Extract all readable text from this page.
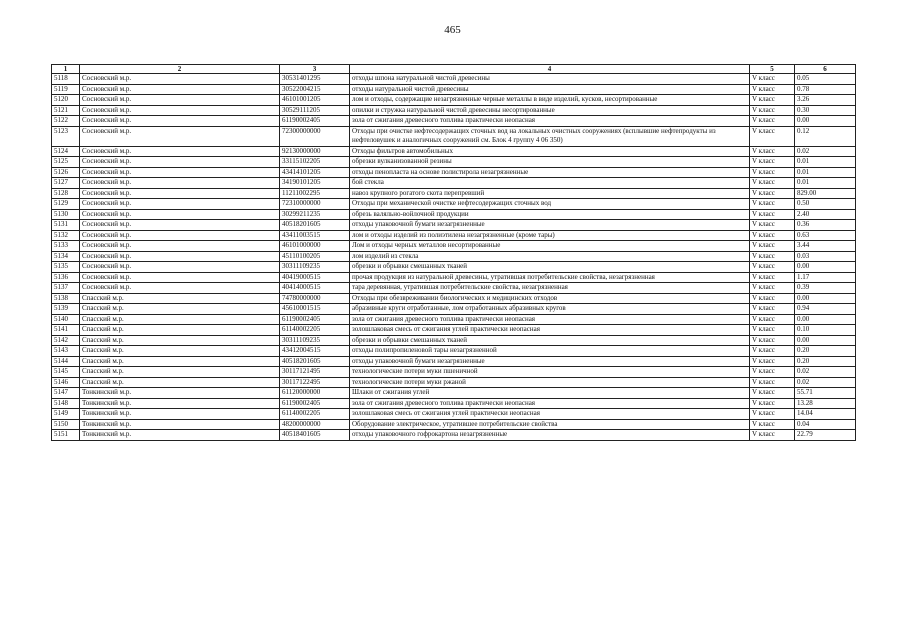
465
1	2	3	4	5	6
5118	Сосновский м.р.	30531401295	отходы шпона натуральной чистой древесины	V класс	0.05
5119	Сосновский м.р.	30522004215	отходы натуральной чистой древесины	V класс	0.78
5120	Сосновский м.р.	46101001205	лом и отходы, содержащие незагрязненные черные металлы в виде изделий, кусков, несортированные	V класс	3.26
5121	Сосновский м.р.	30529111205	опилки и стружка натуральной чистой древесины несортированные	V класс	0.30
5122	Сосновский м.р.	61190002405	зола от сжигания древесного топлива практически неопасная	V класс	0.00
5123	Сосновский м.р.	72300000000	Отходы при очистке нефтесодержащих сточных вод на локальных очистных сооружениях (всплывшие нефтепродукты из нефтеловушек и аналогичных сооружений см. Блок 4 группу 4 06 350)	V класс	0.12
5124	Сосновский м.р.	92130000000	Отходы фильтров автомобильных	V класс	0.02
5125	Сосновский м.р.	33115102205	обрезки вулканизованной резины	V класс	0.01
5126	Сосновский м.р.	43414101205	отходы пенопласта на основе полистирола незагрязненные	V класс	0.01
5127	Сосновский м.р.	34190101205	бой стекла	V класс	0.01
5128	Сосновский м.р.	11211002295	навоз крупного рогатого скота перепревший	V класс	829.00
5129	Сосновский м.р.	72310000000	Отходы при механической очистке нефтесодержащих сточных вод	V класс	0.50
5130	Сосновский м.р.	30299211235	обрезь валяльно-войлочной продукции	V класс	2.40
5131	Сосновский м.р.	40518201605	отходы упаковочной бумаги незагрязненные	V класс	0.36
5132	Сосновский м.р.	43411003515	лом и отходы изделий из полиэтилена незагрязненные (кроме тары)	V класс	0.63
5133	Сосновский м.р.	46101000000	Лом и отходы черных металлов несортированные	V класс	3.44
5134	Сосновский м.р.	45110100205	лом изделий из стекла	V класс	0.03
5135	Сосновский м.р.	30311109235	обрезки и обрывки смешанных тканей	V класс	0.00
5136	Сосновский м.р.	40419000515	прочая продукция из натуральной древесины, утратившая потребительские свойства, незагрязненная	V класс	1.17
5137	Сосновский м.р.	40414000515	тара деревянная, утратившая потребительские свойства, незагрязненная	V класс	0.39
5138	Спасский м.р.	74780000000	Отходы при обезвреживании биологических и медицинских отходов	V класс	0.00
5139	Спасский м.р.	45610001515	абразивные круги отработанные, лом отработанных абразивных кругов	V класс	0.94
5140	Спасский м.р.	61190002405	зола от сжигания древесного топлива практически неопасная	V класс	0.00
5141	Спасский м.р.	61140002205	золошлаковая смесь от сжигания углей практически неопасная	V класс	0.10
5142	Спасский м.р.	30311109235	обрезки и обрывки смешанных тканей	V класс	0.00
5143	Спасский м.р.	43412004515	отходы полипропиленовой тары незагрязненной	V класс	0.20
5144	Спасский м.р.	40518201605	отходы упаковочной бумаги незагрязненные	V класс	0.20
5145	Спасский м.р.	30117121495	технологические потери муки пшеничной	V класс	0.02
5146	Спасский м.р.	30117122495	технологические потери муки ржаной	V класс	0.02
5147	Тонкинский м.р.	61120000000	Шлаки от сжигания углей	V класс	55.71
5148	Тонкинский м.р.	61190002405	зола от сжигания древесного топлива практически неопасная	V класс	13.28
5149	Тонкинский м.р.	61140002205	золошлаковая смесь от сжигания углей практически неопасная	V класс	14.04
5150	Тонкинский м.р.	48200000000	Оборудование электрическое, утратившее потребительские свойства	V класс	0.04
5151	Тонкинский м.р.	40518401605	отходы упаковочного гофрокартона незагрязненные	V класс	22.79
